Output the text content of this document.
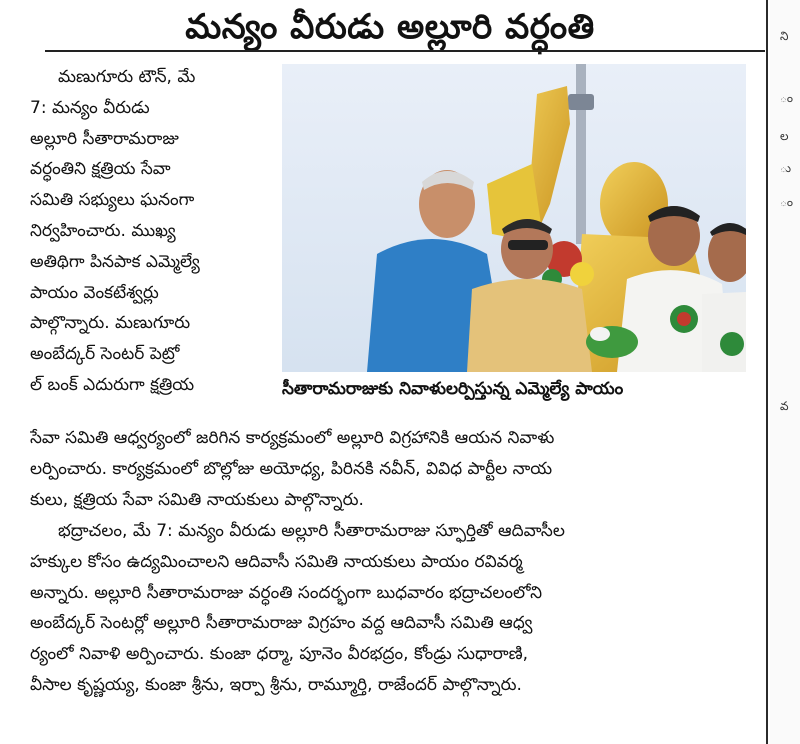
మన్యం వీరుడు అల్లూరి వర్ధంతి
మణుగూరు టౌన్, మే
7: మన్యం వీరుడు
అల్లూరి సీతారామరాజు
వర్ధంతిని క్షత్రియ సేవా
సమితి సభ్యులు ఘనంగా
నిర్వహించారు. ముఖ్య
అతిథిగా పినపాక ఎమ్మెల్యే
పాయం వెంకటేశ్వర్లు
పాల్గొన్నారు. మణుగూరు
అంబేద్కర్ సెంటర్ పెట్రో
ల్ బంక్ ఎదురుగా క్షత్రియ	సీతారామరాజుకు నివాళులర్పిస్తున్న ఎమ్మెల్యే పాయం
సేవా సమితి ఆధ్వర్యంలో జరిగిన కార్యక్రమంలో అల్లూరి విగ్రహానికి ఆయన నివాళు
లర్పించారు. కార్యక్రమంలో బొల్లోజు అయోధ్య, పిరినకి నవీన్, వివిధ పార్టీల నాయ
కులు, క్షత్రియ సేవా సమితి నాయకులు పాల్గొన్నారు.
భద్రాచలం, మే 7: మన్యం వీరుడు అల్లూరి సీతారామరాజు స్ఫూర్తితో ఆదివాసీల
హక్కుల కోసం ఉద్యమించాలని ఆదివాసీ సమితి నాయకులు పాయం రవివర్మ
అన్నారు. అల్లూరి సీతారామరాజు వర్ధంతి సందర్భంగా బుధవారం భద్రాచలంలోని
అంబేద్కర్ సెంటర్లో అల్లూరి సీతారామరాజు విగ్రహం వద్ద ఆదివాసీ సమితి ఆధ్వ
ర్యంలో నివాళి అర్పించారు. కుంజా ధర్మా, పూనెం వీరభద్రం, కోండ్రు సుధారాణి,
వీసాల కృష్ణయ్య, కుంజా శ్రీను, ఇర్పా శ్రీను, రామ్మూర్తి, రాజేందర్ పాల్గొన్నారు.
ని
ం
ల
ు
ం
వ
